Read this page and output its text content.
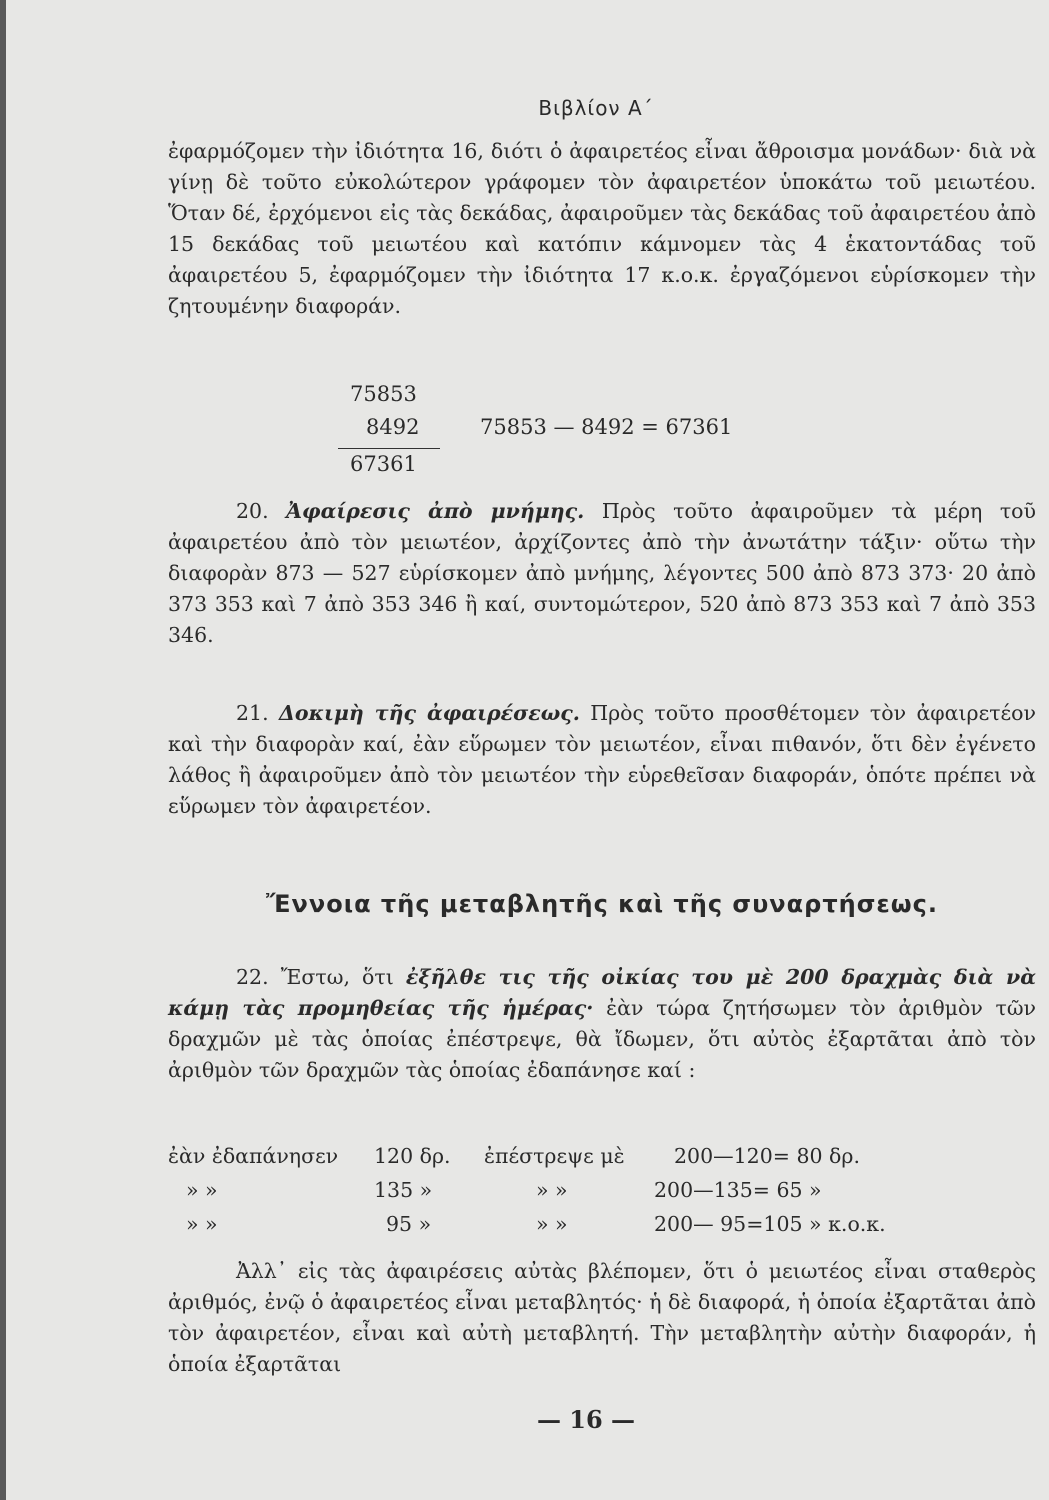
Βιβλίον Α΄

ἐφαρμόζομεν τὴν ἰδιότητα 16, διότι ὁ ἀφαιρετέος εἶναι ἄθροισμα μονάδων· διὰ νὰ γίνῃ δὲ τοῦτο εὐκολώτερον γράφομεν τὸν ἀφαιρετέον ὑποκάτω τοῦ μειωτέου. Ὅταν δέ, ἐρχόμενοι εἰς τὰς δεκάδας, ἀφαιροῦμεν τὰς δεκάδας τοῦ ἀφαιρετέου ἀπὸ 15 δεκάδας τοῦ μειωτέου καὶ κατόπιν κάμνομεν τὰς 4 ἑκατοντάδας τοῦ ἀφαιρετέου 5, ἐφαρμόζομεν τὴν ἰδιότητα 17 κ.ο.κ. ἐργαζόμενοι εὑρίσκομεν τὴν ζητουμένην διαφοράν.

75853
8492
67361
75853 — 8492 = 67361

20. Ἀφαίρεσις ἀπὸ μνήμης. Πρὸς τοῦτο ἀφαιροῦμεν τὰ μέρη τοῦ ἀφαιρετέου ἀπὸ τὸν μειωτέον, ἀρχίζοντες ἀπὸ τὴν ἀνωτάτην τάξιν· οὕτω τὴν διαφορὰν 873 — 527 εὑρίσκομεν ἀπὸ μνήμης, λέγοντες 500 ἀπὸ 873 373· 20 ἀπὸ 373 353 καὶ 7 ἀπὸ 353 346 ἢ καί, συντομώτερον, 520 ἀπὸ 873 353 καὶ 7 ἀπὸ 353 346.

21. Δοκιμὴ τῆς ἀφαιρέσεως. Πρὸς τοῦτο προσθέτομεν τὸν ἀφαιρετέον καὶ τὴν διαφορὰν καί, ἐὰν εὕρωμεν τὸν μειωτέον, εἶναι πιθανόν, ὅτι δὲν ἐγένετο λάθος ἢ ἀφαιροῦμεν ἀπὸ τὸν μειωτέον τὴν εὑρεθεῖσαν διαφοράν, ὁπότε πρέπει νὰ εὕρωμεν τὸν ἀφαιρετέον.

Ἔννοια τῆς μεταβλητῆς καὶ τῆς συναρτήσεως.

22. Ἔστω, ὅτι ἐξῆλθε τις τῆς οἰκίας του μὲ 200 δραχμὰς διὰ νὰ κάμῃ τὰς προμηθείας τῆς ἡμέρας· ἐὰν τώρα ζητήσωμεν τὸν ἀριθμὸν τῶν δραχμῶν μὲ τὰς ὁποίας ἐπέστρεψε, θὰ ἴδωμεν, ὅτι αὐτὸς ἐξαρτᾶται ἀπὸ τὸν ἀριθμὸν τῶν δραχμῶν τὰς ὁποίας ἐδαπάνησε καί :

ἐὰν ἐδαπάνησεν 120 δρ. ἐπέστρεψε μὲ 200—120= 80 δρ.
» »	135 »	» »	200—135= 65 »
» »	95 »	» »	200— 95=105 » κ.ο.κ.

Ἀλλ᾽ εἰς τὰς ἀφαιρέσεις αὐτὰς βλέπομεν, ὅτι ὁ μειωτέος εἶναι σταθερὸς ἀριθμός, ἐνῷ ὁ ἀφαιρετέος εἶναι μεταβλητός· ἡ δὲ διαφορά, ἡ ὁποία ἐξαρτᾶται ἀπὸ τὸν ἀφαιρετέον, εἶναι καὶ αὐτὴ μεταβλητή. Τὴν μεταβλητὴν αὐτὴν διαφοράν, ἡ ὁποία ἐξαρτᾶται

— 16 —
